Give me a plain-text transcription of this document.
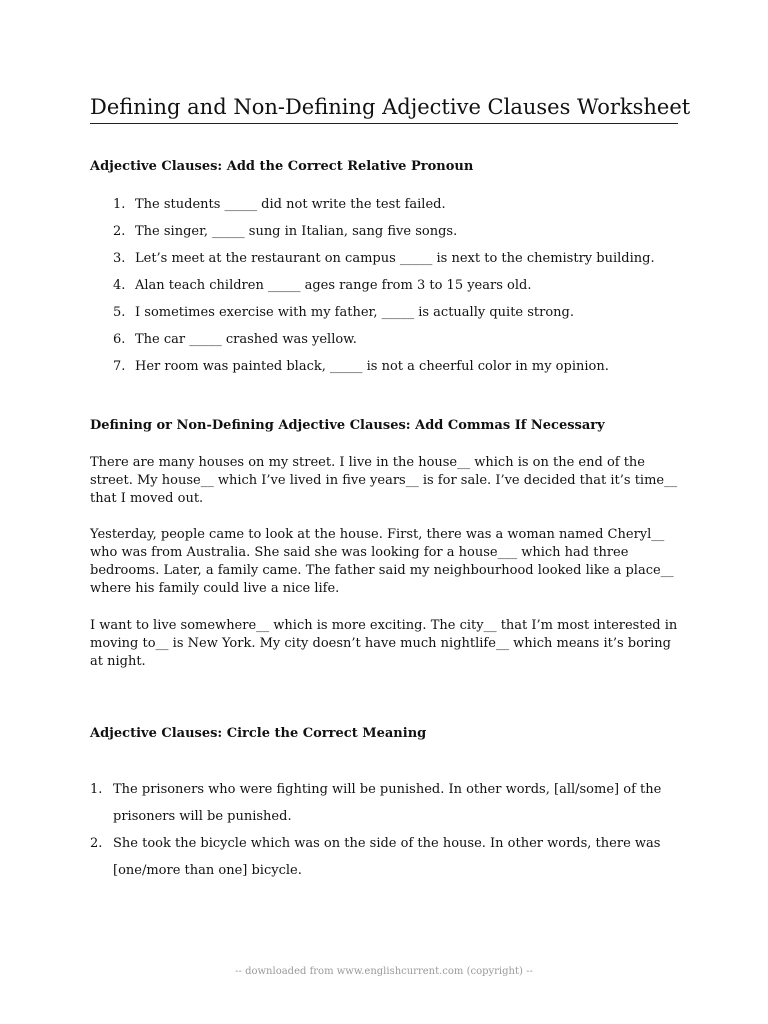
Defining and Non-Defining Adjective Clauses Worksheet
Adjective Clauses: Add the Correct Relative Pronoun
1. The students _____ did not write the test failed.
2. The singer, _____ sung in Italian, sang five songs.
3. Let’s meet at the restaurant on campus _____ is next to the chemistry building.
4. Alan teach children _____ ages range from 3 to 15 years old.
5. I sometimes exercise with my father, _____ is actually quite strong.
6. The car _____ crashed was yellow.
7. Her room was painted black, _____ is not a cheerful color in my opinion.
Defining or Non-Defining Adjective Clauses: Add Commas If Necessary

There are many houses on my street. I live in the house__ which is on the end of the street. My house__ which I’ve lived in five years__ is for sale. I’ve decided that it’s time__ that I moved out.

Yesterday, people came to look at the house. First, there was a woman named Cheryl__ who was from Australia. She said she was looking for a house___ which had three bedrooms. Later, a family came. The father said my neighbourhood looked like a place__ where his family could live a nice life.

I want to live somewhere__ which is more exciting. The city__ that I’m most interested in moving to__ is New York. My city doesn’t have much nightlife__ which means it’s boring at night.

Adjective Clauses: Circle the Correct Meaning
1. The prisoners who were fighting will be punished. In other words, [all/some] of the prisoners will be punished.
2. She took the bicycle which was on the side of the house. In other words, there was [one/more than one] bicycle.
-- downloaded from www.englishcurrent.com (copyright) --
